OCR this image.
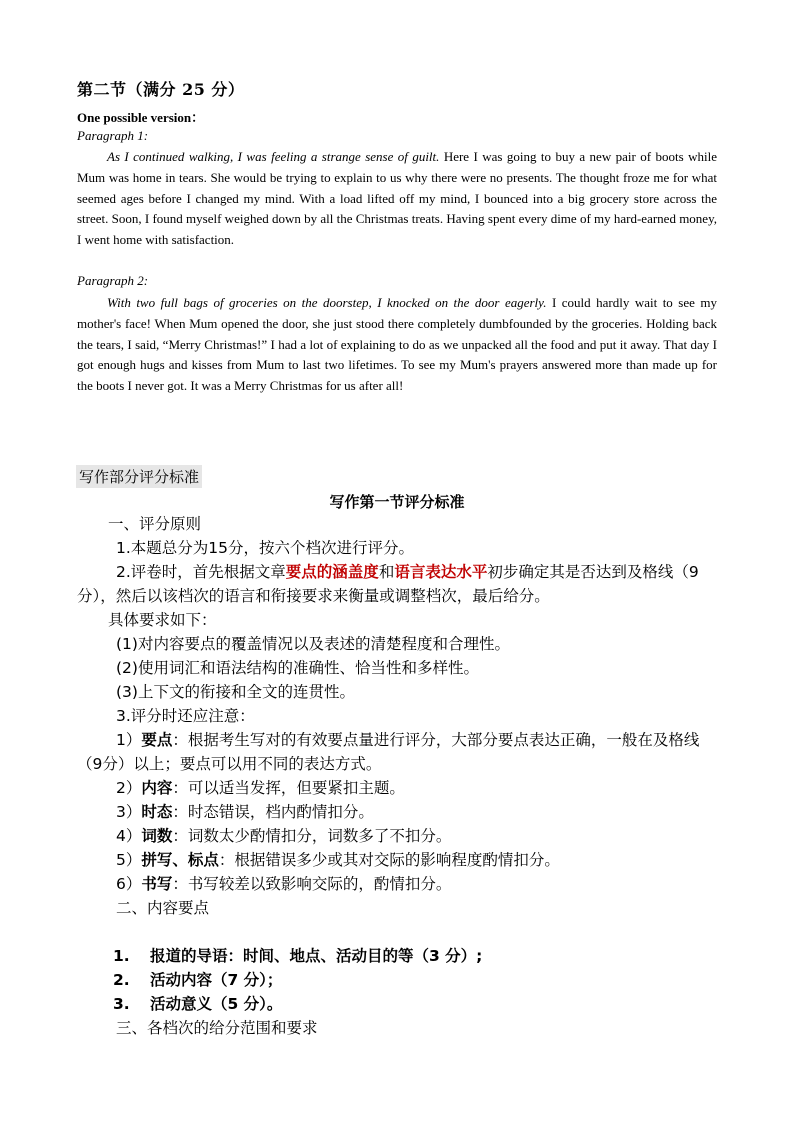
第二节（满分 25 分）
One possible version：
Paragraph 1:

As I continued walking, I was feeling a strange sense of guilt. Here I was going to buy a new pair of boots while Mum was home in tears. She would be trying to explain to us why there were no presents. The thought froze me for what seemed ages before I changed my mind. With a load lifted off my mind, I bounced into a big grocery store across the street. Soon, I found myself weighed down by all the Christmas treats. Having spent every dime of my hard-earned money, I went home with satisfaction.

Paragraph 2:

With two full bags of groceries on the doorstep, I knocked on the door eagerly. I could hardly wait to see my mother's face! When Mum opened the door, she just stood there completely dumbfounded by the groceries. Holding back the tears, I said, “Merry Christmas!” I had a lot of explaining to do as we unpacked all the food and put it away. That day I got enough hugs and kisses from Mum to last two lifetimes. To see my Mum's prayers answered more than made up for the boots I never got. It was a Merry Christmas for us after all!

写作部分评分标准
写作第一节评分标准
一、评分原则
1.本题总分为15分，按六个档次进行评分。
2.评卷时，首先根据文章要点的涵盖度和语言表达水平初步确定其是否达到及格线（9分），然后以该档次的语言和衔接要求来衡量或调整档次，最后给分。
具体要求如下：
(1)对内容要点的覆盖情况以及表述的清楚程度和合理性。
(2)使用词汇和语法结构的准确性、恰当性和多样性。
(3)上下文的衔接和全文的连贯性。
3.评分时还应注意：
1）要点：根据考生写对的有效要点量进行评分，大部分要点表达正确，一般在及格线（9分）以上；要点可以用不同的表达方式。
2）内容：可以适当发挥，但要紧扣主题。
3）时态：时态错误，档内酌情扣分。
4）词数：词数太少酌情扣分，词数多了不扣分。
5）拼写、标点：根据错误多少或其对交际的影响程度酌情扣分。
6）书写：书写较差以致影响交际的，酌情扣分。
二、内容要点
1.	报道的导语：时间、地点、活动目的等（3 分）;
2.	活动内容（7 分）；
3.	活动意义（5 分）。
三、各档次的给分范围和要求
